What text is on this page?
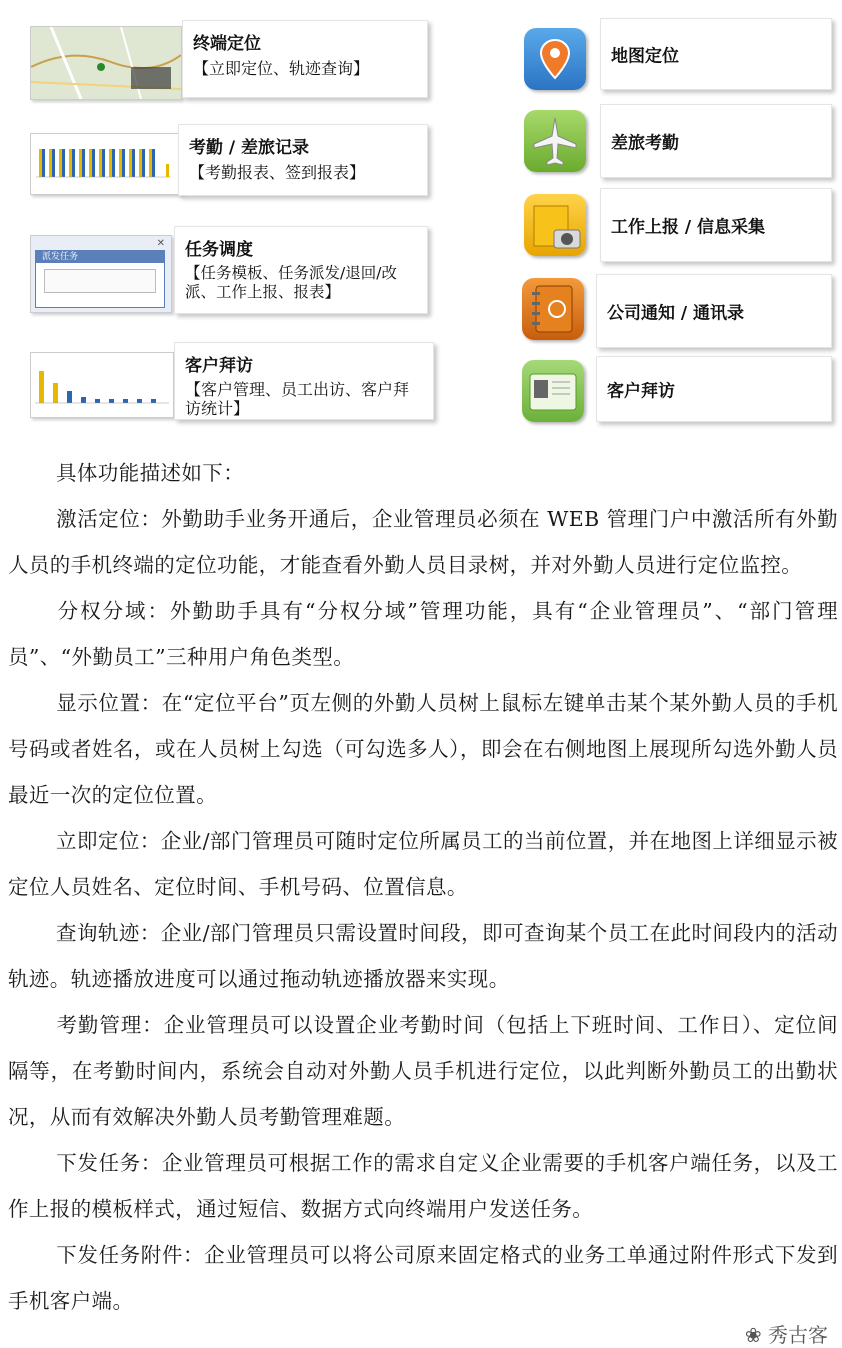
派发任务
✕
终端定位
【立即定位、轨迹查询】
考勤 / 差旅记录
【考勤报表、签到报表】
任务调度
【任务模板、任务派发/退回/改派、工作上报、报表】
客户拜访
【客户管理、员工出访、客户拜访统计】
地图定位
差旅考勤
工作上报 / 信息采集
公司通知 / 通讯录
客户拜访

具体功能描述如下：

激活定位：外勤助手业务开通后，企业管理员必须在 WEB 管理门户中激活所有外勤人员的手机终端的定位功能，才能查看外勤人员目录树，并对外勤人员进行定位监控。

分权分域：外勤助手具有“分权分域”管理功能，具有“企业管理员”、“部门管理员”、“外勤员工”三种用户角色类型。

显示位置：在“定位平台”页左侧的外勤人员树上鼠标左键单击某个某外勤人员的手机号码或者姓名，或在人员树上勾选（可勾选多人），即会在右侧地图上展现所勾选外勤人员最近一次的定位位置。

立即定位：企业/部门管理员可随时定位所属员工的当前位置，并在地图上详细显示被定位人员姓名、定位时间、手机号码、位置信息。

查询轨迹：企业/部门管理员只需设置时间段，即可查询某个员工在此时间段内的活动轨迹。轨迹播放进度可以通过拖动轨迹播放器来实现。

考勤管理：企业管理员可以设置企业考勤时间（包括上下班时间、工作日）、定位间隔等，在考勤时间内，系统会自动对外勤人员手机进行定位，以此判断外勤员工的出勤状况，从而有效解决外勤人员考勤管理难题。

下发任务：企业管理员可根据工作的需求自定义企业需要的手机客户端任务，以及工作上报的模板样式，通过短信、数据方式向终端用户发送任务。

下发任务附件：企业管理员可以将公司原来固定格式的业务工单通过附件形式下发到手机客户端。

❀ 秀古客
